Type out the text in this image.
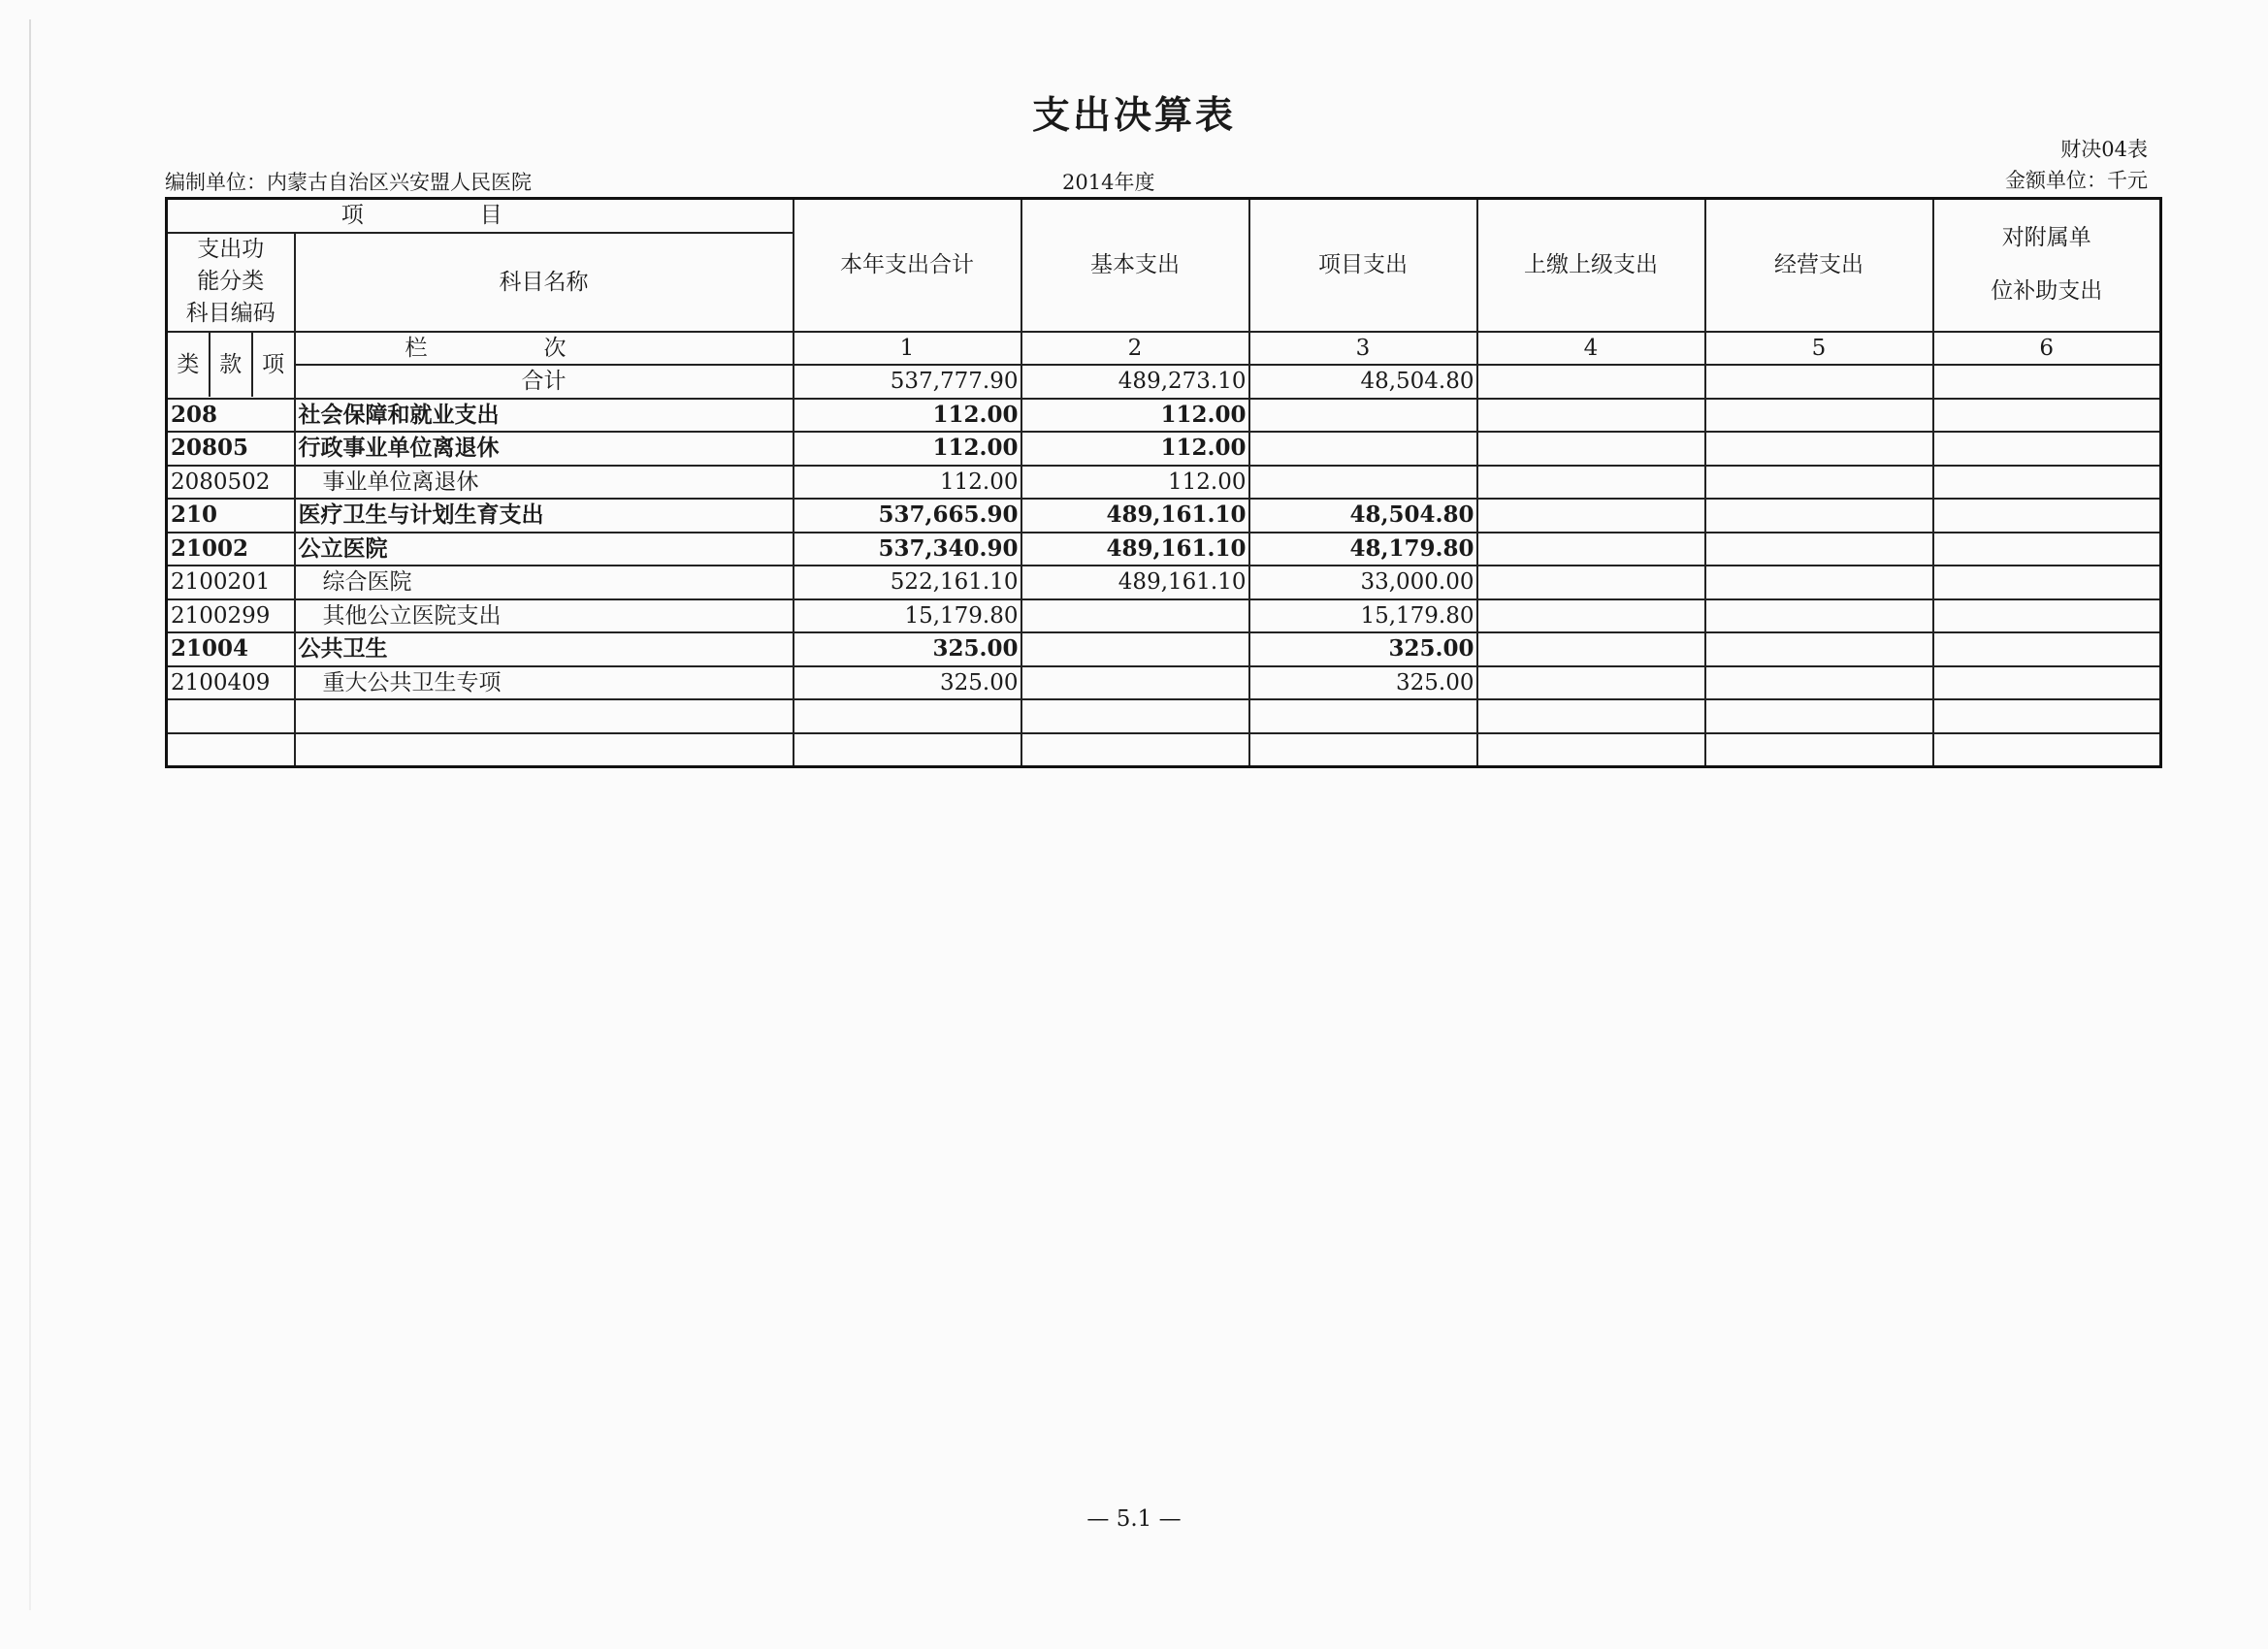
支出决算表
财决04表
编制单位：内蒙古自治区兴安盟人民医院	2014年度	金额单位：千元
项目		本年支出合计	基本支出	项目支出	上缴上级支出	经营支出	对附属单
位补助支出

支出功
能分类
科目编码	科目名称						

类 款 项	栏次	1	2	3	4	5	6
	合计	537,777.90	489,273.10	48,504.80			
208	社会保障和就业支出	112.00	112.00				
20805	行政事业单位离退休	112.00	112.00				
2080502	事业单位离退休	112.00	112.00				
210	医疗卫生与计划生育支出	537,665.90	489,161.10	48,504.80			
21002	公立医院	537,340.90	489,161.10	48,179.80			
2100201	综合医院	522,161.10	489,161.10	33,000.00			
2100299	其他公立医院支出	15,179.80		15,179.80			
21004	公共卫生	325.00		325.00			
2100409	重大公共卫生专项	325.00		325.00			

— 5.1 —
